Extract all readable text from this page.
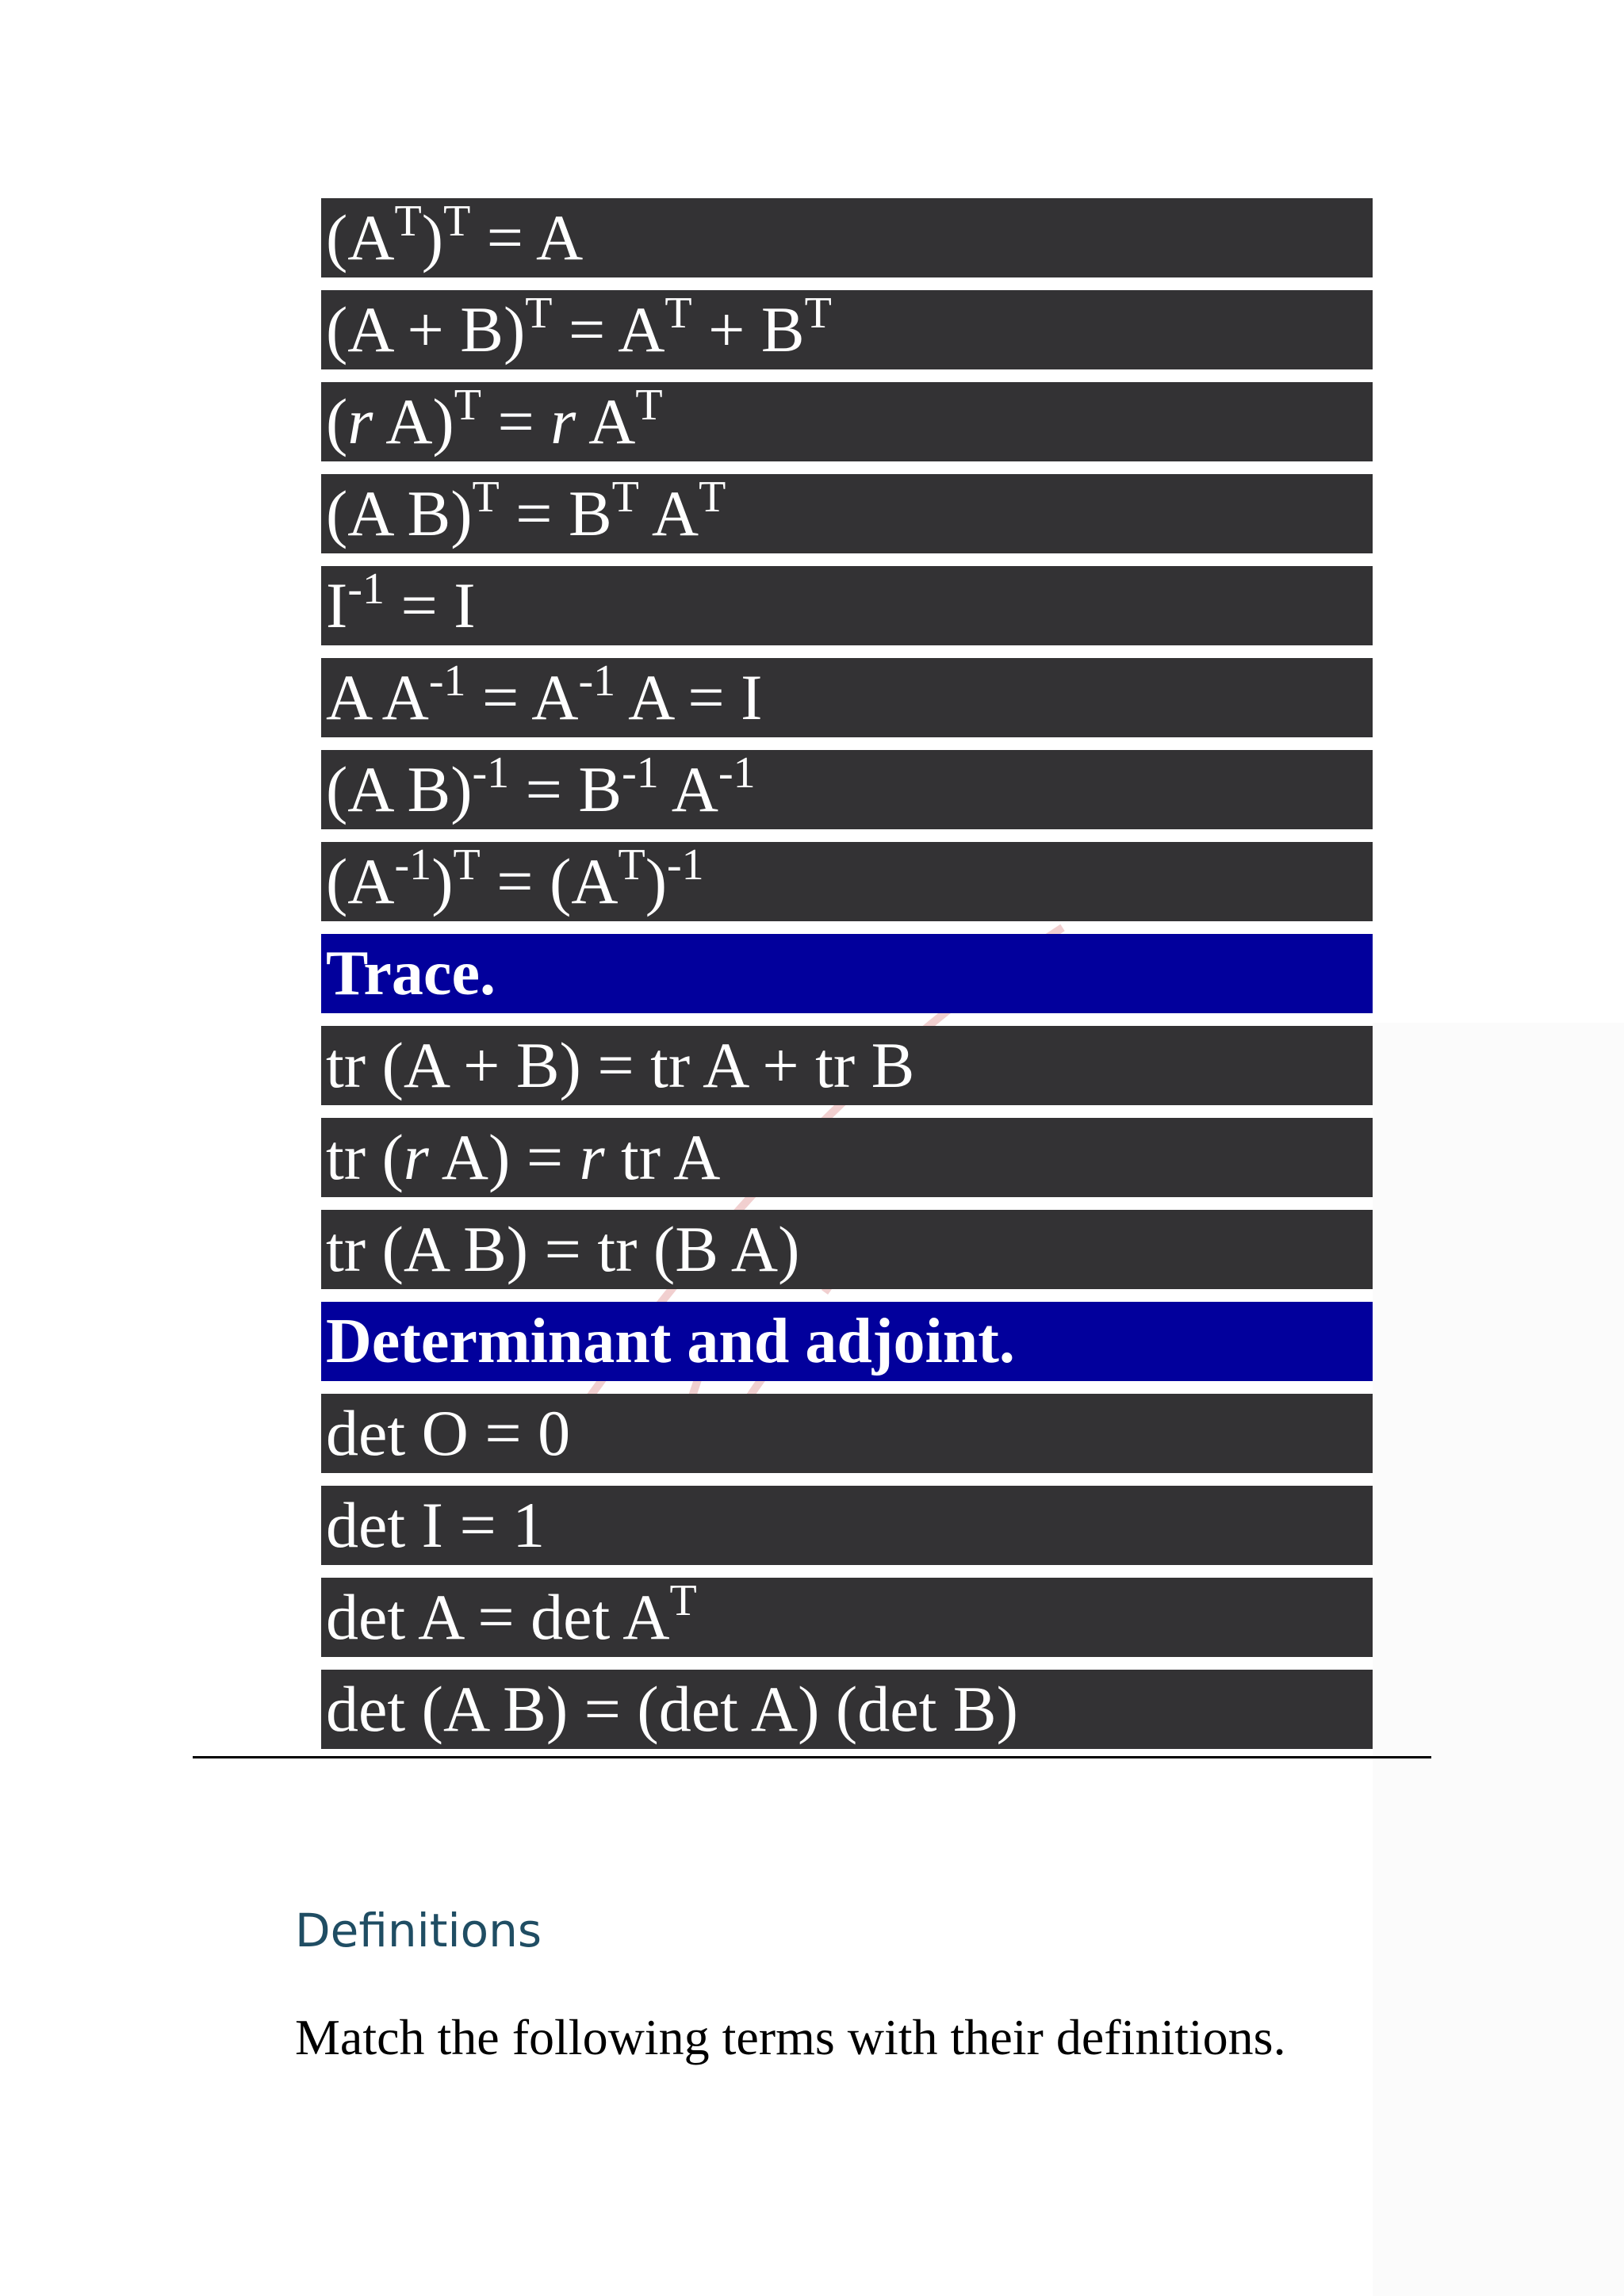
$(A^T)^T = A$
$(A + B)^T = A^T + B^T$
(r A)$^T$ = r $A^T$
(A $B)^T = B^T$ $A^T$
$I^{-1} = I$
A $A^{-1} = A^{-1}$ A = I
(A $B)^{-1} = B^{-1}$ $A^{-1}$
$(A^{-1})^T = (A^T)^{-1}$
Trace.
tr (A + B) = tr A + tr B
tr (r A) = r tr A
tr (A B) = tr (B A)
Determinant and adjoint.
det O = 0
det I = 1
$\det A = \det A^T$
det (A B) = (det A) (det B)
Definitions

Match the following terms with their definitions.
